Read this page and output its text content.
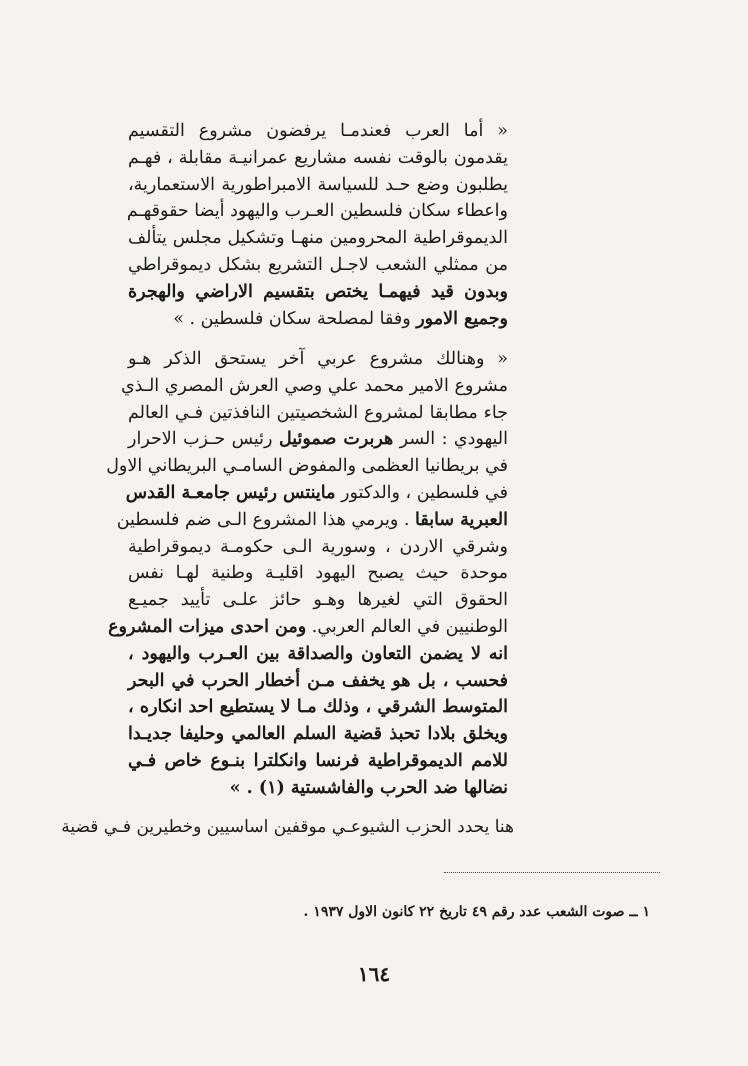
« أما العرب فعندمـا يرفضون مشروع التقسيم
يقدمون بالوقت نفسه مشاريع عمرانيـة مقابلة ، فهـم
يطلبون وضع حـد للسياسة الامبراطورية الاستعمارية،
واعطاء سكان فلسطين العـرب واليهود أيضا حقوقهـم
الديموقراطية المحرومين منهـا وتشكيل مجلس يتألف
من ممثلي الشعب لاجـل التشريع بشكل ديموقراطي
وبدون قيد فيهمـا يختص بتقسيم الاراضي والهجرة
وجميع الامور وفقا لمصلحة سكان فلسطين . »
« وهنالك مشروع عربي آخر يستحق الذكر هـو
مشروع الامير محمد علي وصي العرش المصري الـذي
جاء مطابقا لمشروع الشخصيتين النافذتين فـي العالم
اليهودي : السر هربرت صموئيل رئيس حـزب الاحرار
في بريطانيا العظمى والمفوض السامـي البريطاني الاول
في فلسطين ، والدكتور ماينتس رئيس جامعـة القدس
العبرية سابقا . ويرمي هذا المشروع الـى ضم فلسطين
وشرقي الاردن ، وسورية الـى حكومـة ديموقراطية
موحدة حيث يصبح اليهود اقليـة وطنية لهـا نفس
الحقوق التي لغيرها وهـو حائز علـى تأييد جميـع
الوطنيين في العالم العربي. ومن احدى ميزات المشروع
انه لا يضمن التعاون والصداقة بين العـرب واليهود ،
فحسب ، بل هو يخفف مـن أخطار الحرب في البحر
المتوسط الشرقي ، وذلك مـا لا يستطيع احد انكاره ،
ويخلق بلادا تحبذ قضية السلم العالمي وحليفا جديـدا
للامم الديموقراطية فرنسا وانكلترا بنـوع خاص فـي
نضالها ضد الحرب والفاشستية (١) . »
هنا يحدد الحزب الشيوعـي موقفين اساسيين وخطيرين فـي قضية
١ ــ صوت الشعب عدد رقم ٤٩ تاريخ ٢٢ كانون الاول ١٩٣٧ .
١٦٤
